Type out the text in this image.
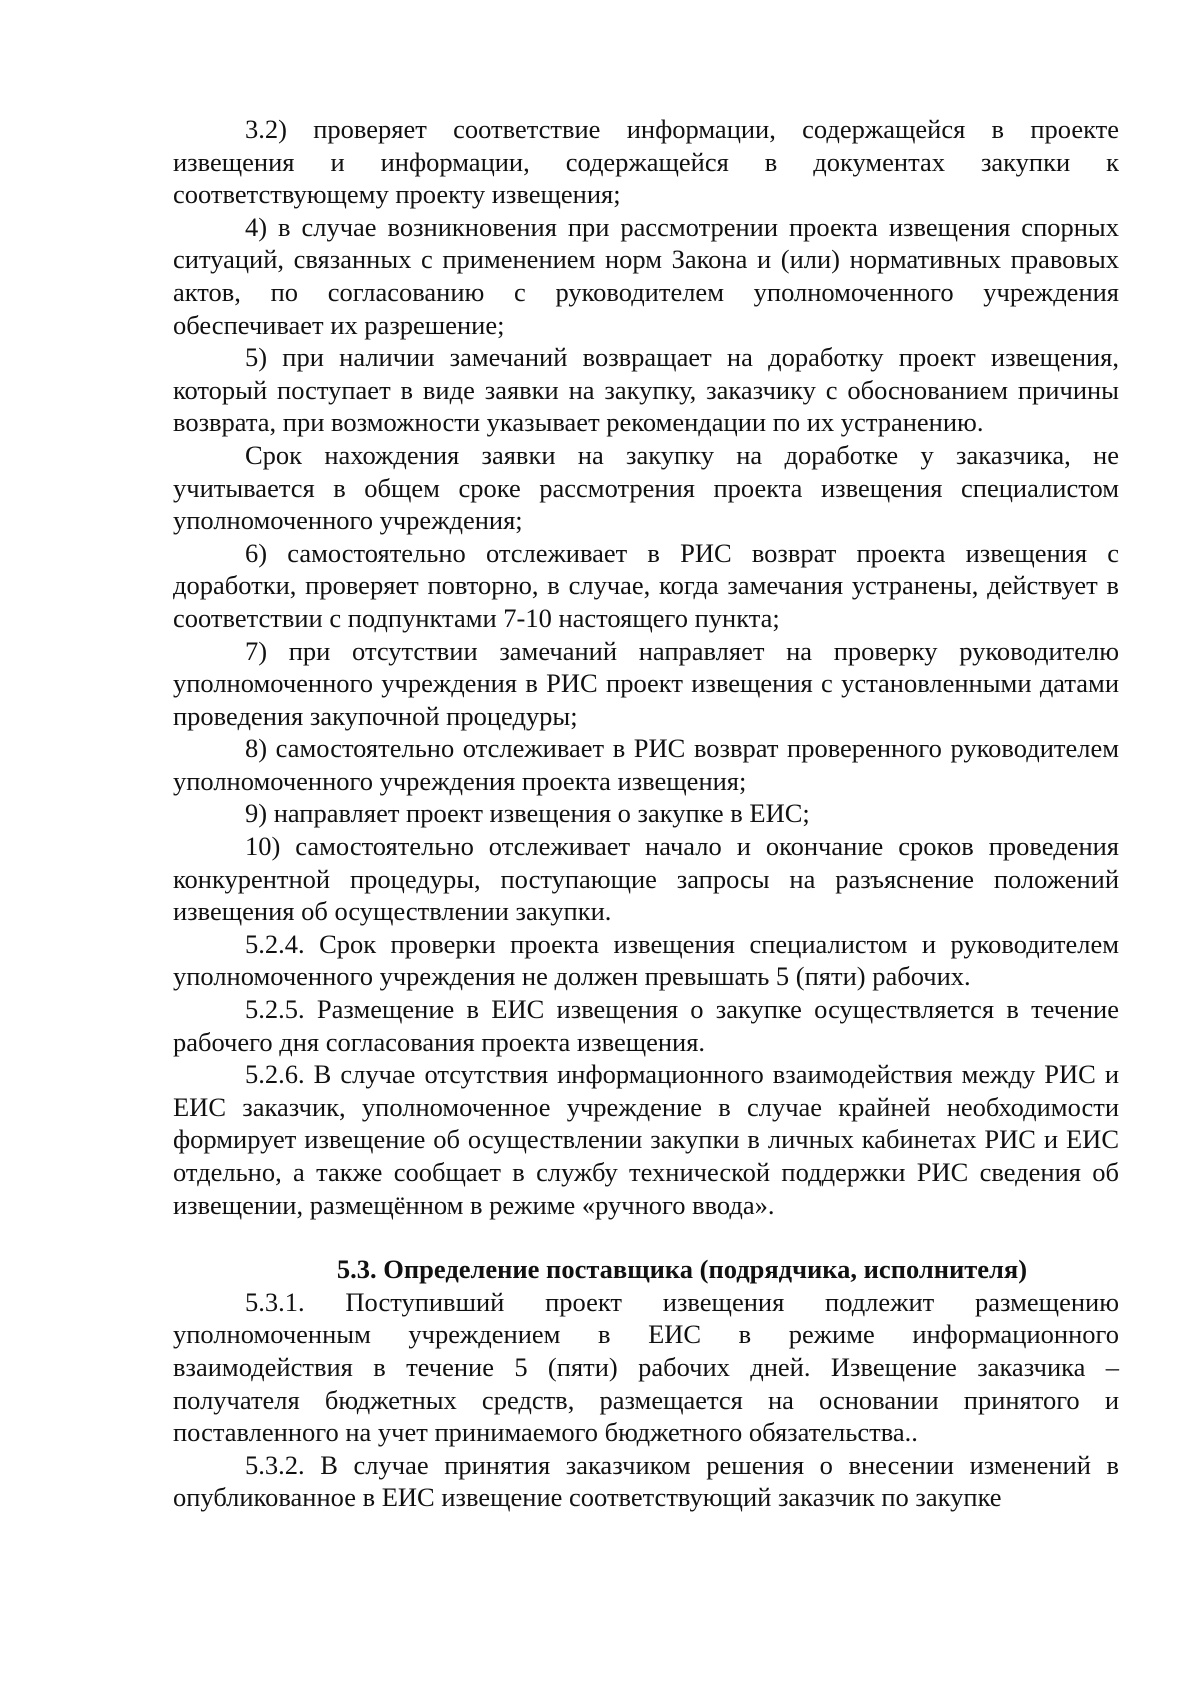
3.2) проверяет соответствие информации, содержащейся в проекте извещения и информации, содержащейся в документах закупки к соответствующему проекту извещения;

4) в случае возникновения при рассмотрении проекта извещения спорных ситуаций, связанных с применением норм Закона и (или) нормативных правовых актов, по согласованию с руководителем уполномоченного учреждения обеспечивает их разрешение;

5) при наличии замечаний возвращает на доработку проект извещения, который поступает в виде заявки на закупку, заказчику с обоснованием причины возврата, при возможности указывает рекомендации по их устранению.

Срок нахождения заявки на закупку на доработке у заказчика, не учитывается в общем сроке рассмотрения проекта извещения специалистом уполномоченного учреждения;

6) самостоятельно отслеживает в РИС возврат проекта извещения с доработки, проверяет повторно, в случае, когда замечания устранены, действует в соответствии с подпунктами 7-10 настоящего пункта;

7) при отсутствии замечаний направляет на проверку руководителю уполномоченного учреждения в РИС проект извещения с установленными датами проведения закупочной процедуры;

8) самостоятельно отслеживает в РИС возврат проверенного руководителем уполномоченного учреждения проекта извещения;

9) направляет проект извещения о закупке в ЕИС;

10) самостоятельно отслеживает начало и окончание сроков проведения конкурентной процедуры, поступающие запросы на разъяснение положений извещения об осуществлении закупки.

5.2.4. Срок проверки проекта извещения специалистом и руководителем уполномоченного учреждения не должен превышать 5 (пяти) рабочих.

5.2.5. Размещение в ЕИС извещения о закупке осуществляется в течение рабочего дня согласования проекта извещения.

5.2.6. В случае отсутствия информационного взаимодействия между РИС и ЕИС заказчик, уполномоченное учреждение в случае крайней необходимости формирует извещение об осуществлении закупки в личных кабинетах РИС и ЕИС отдельно, а также сообщает в службу технической поддержки РИС сведения об извещении, размещённом в режиме «ручного ввода».

5.3. Определение поставщика (подрядчика, исполнителя)

5.3.1. Поступивший проект извещения подлежит размещению уполномоченным учреждением в ЕИС в режиме информационного взаимодействия в течение 5 (пяти) рабочих дней. Извещение заказчика – получателя бюджетных средств, размещается на основании принятого и поставленного на учет принимаемого бюджетного обязательства..

5.3.2. В случае принятия заказчиком решения о внесении изменений в опубликованное в ЕИС извещение соответствующий заказчик по закупке
